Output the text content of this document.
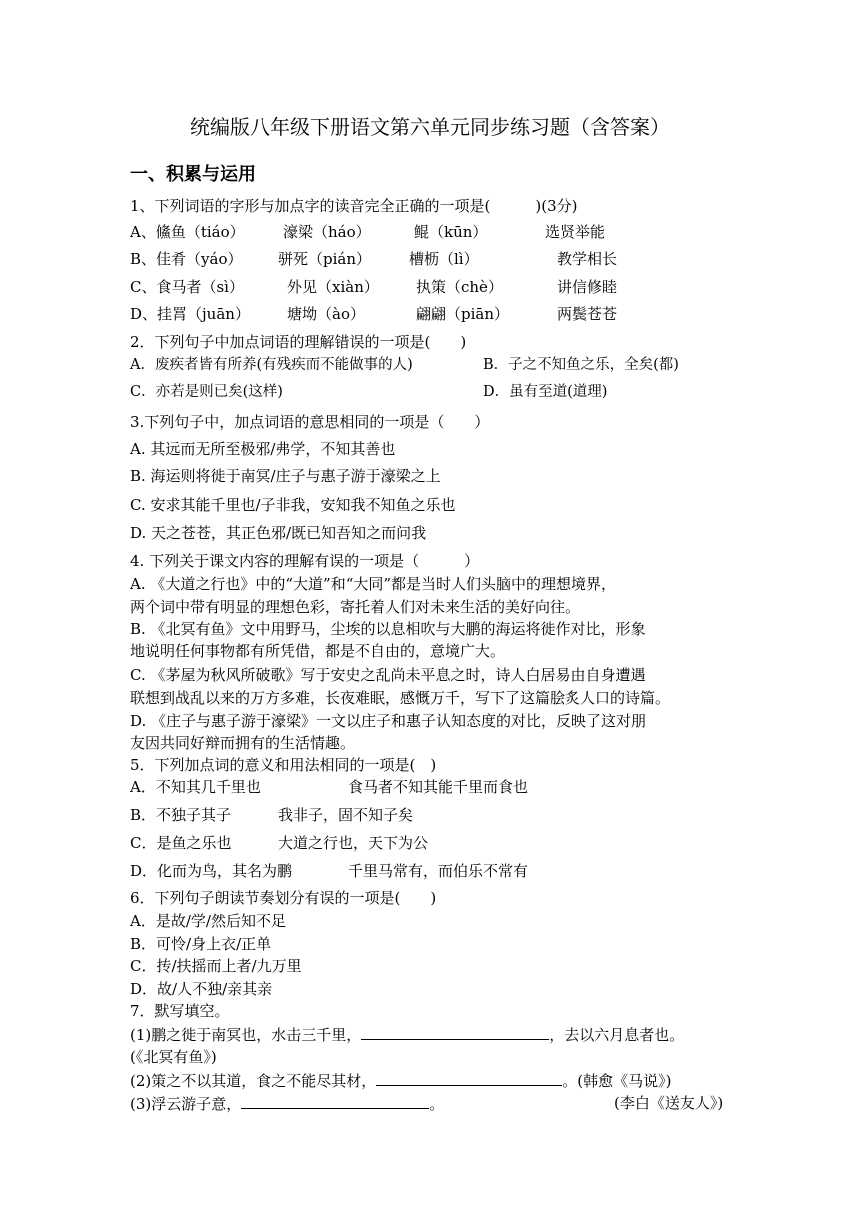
统编版八年级下册语文第六单元同步练习题（含答案）
一、积累与运用
1、下列词语的字形与加点字的读音完全正确的一项是(　　　)(3分)
A、鯈鱼（tiáo）	濠梁（háo）	鲲（kūn）	选贤举能
B、佳肴（yáo） 骈死（pián）	槽枥（lì）	教学相长
C、食马者（sì）	外见（xiàn） 执策（chè）	讲信修睦
D、挂罥（juān） 塘坳（ào）	翩翩（piān）	两鬓苍苍
2．下列句子中加点词语的理解错误的一项是(　　)
A．废疾者皆有所养(有残疾而不能做事的人)	B．子之不知鱼之乐，全矣(都)
C．亦若是则已矣(这样)	D．虽有至道(道理)
3.下列句子中，加点词语的意思相同的一项是（　　）
A. 其远而无所至极邪/弗学，不知其善也
B. 海运则将徙于南冥/庄子与惠子游于濠梁之上
C. 安求其能千里也/子非我，安知我不知鱼之乐也
D. 天之苍苍，其正色邪/既已知吾知之而问我
4. 下列关于课文内容的理解有误的一项是（　　　）
A. 《大道之行也》中的“大道”和“大同”都是当时人们头脑中的理想境界，
两个词中带有明显的理想色彩，寄托着人们对未来生活的美好向往。
B. 《北冥有鱼》文中用野马，尘埃的以息相吹与大鹏的海运将徙作对比，形象
地说明任何事物都有所凭借，都是不自由的，意境广大。
C. 《茅屋为秋风所破歌》写于安史之乱尚未平息之时，诗人白居易由自身遭遇
联想到战乱以来的万方多难，长夜难眠，感慨万千，写下了这篇脍炙人口的诗篇。
D. 《庄子与惠子游于濠梁》一文以庄子和惠子认知态度的对比，反映了这对朋
友因共同好辩而拥有的生活情趣。
5．下列加点词的意义和用法相同的一项是(　)
A．不知其几千里也	食马者不知其能千里而食也
B．不独子其子	我非子，固不知子矣
C．是鱼之乐也	大道之行也，天下为公
D．化而为鸟，其名为鹏	千里马常有，而伯乐不常有
6．下列句子朗读节奏划分有误的一项是(　　)
A．是故/学/然后知不足
B．可怜/身上衣/正单
C．抟/扶摇而上者/九万里
D．故/人不独/亲其亲
7．默写填空。
(1)鹏之徙于南冥也，水击三千里，	，去以六月息者也。
(《北冥有鱼》)
(2)策之不以其道，食之不能尽其材，	。(韩愈《马说》)
(3)浮云游子意，	。	(李白《送友人》)
